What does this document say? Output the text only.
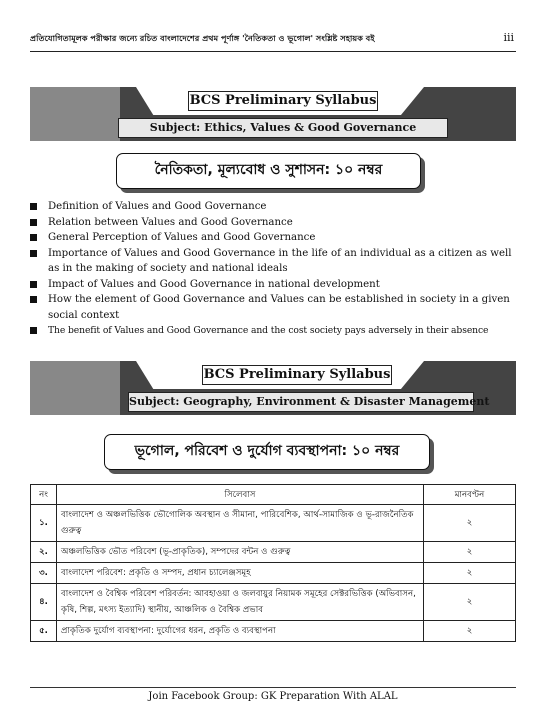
প্রতিযোগিতামূলক পরীক্ষার জন্যে রচিত বাংলাদেশের প্রথম পূর্ণাঙ্গ 'নৈতিকতা ও ভূগোল' সংশ্লিষ্ট সহায়ক বই	iii
BCS Preliminary Syllabus
Subject: Ethics, Values & Good Governance
নৈতিকতা, মূল্যবোধ ও সুশাসন: ১০ নম্বর
Definition of Values and Good Governance
Relation between Values and Good Governance
General Perception of Values and Good Governance
Importance of Values and Good Governance in the life of an individual as a citizen as well as in the making of society and national ideals
Impact of Values and Good Governance in national development
How the element of Good Governance and Values can be established in society in a given social context
The benefit of Values and Good Governance and the cost society pays adversely in their absence
BCS Preliminary Syllabus
Subject: Geography, Environment & Disaster Management
ভূগোল, পরিবেশ ও দুর্যোগ ব্যবস্থাপনা: ১০ নম্বর
নং	সিলেবাস	মানবণ্টন
১.	বাংলাদেশ ও অঞ্চলভিত্তিক ভৌগোলিক অবস্থান ও সীমানা, পারিবেশিক, আর্থ-সামাজিক ও ভূ-রাজনৈতিক গুরুত্ব	২
২.	অঞ্চলভিত্তিক ভৌত পরিবেশ (ভূ-প্রাকৃতিক), সম্পদের বন্টন ও গুরুত্ব	২
৩.	বাংলাদেশ পরিবেশ: প্রকৃতি ও সম্পদ, প্রধান চ্যালেঞ্জসমূহ	২
৪.	বাংলাদেশ ও বৈশ্বিক পরিবেশ পরিবর্তন: আবহাওয়া ও জলবায়ুর নিয়ামক সমূহের সেক্টরভিত্তিক (অভিবাসন, কৃষি, শিল্প, মৎস্য ইত্যাদি) স্থানীয়, আঞ্চলিক ও বৈশ্বিক প্রভাব	২
৫.	প্রাকৃতিক দুর্যোগ ব্যবস্থাপনা: দুর্যোগের ধরন, প্রকৃতি ও ব্যবস্থাপনা	২
Join Facebook Group: GK Preparation With ALAL
